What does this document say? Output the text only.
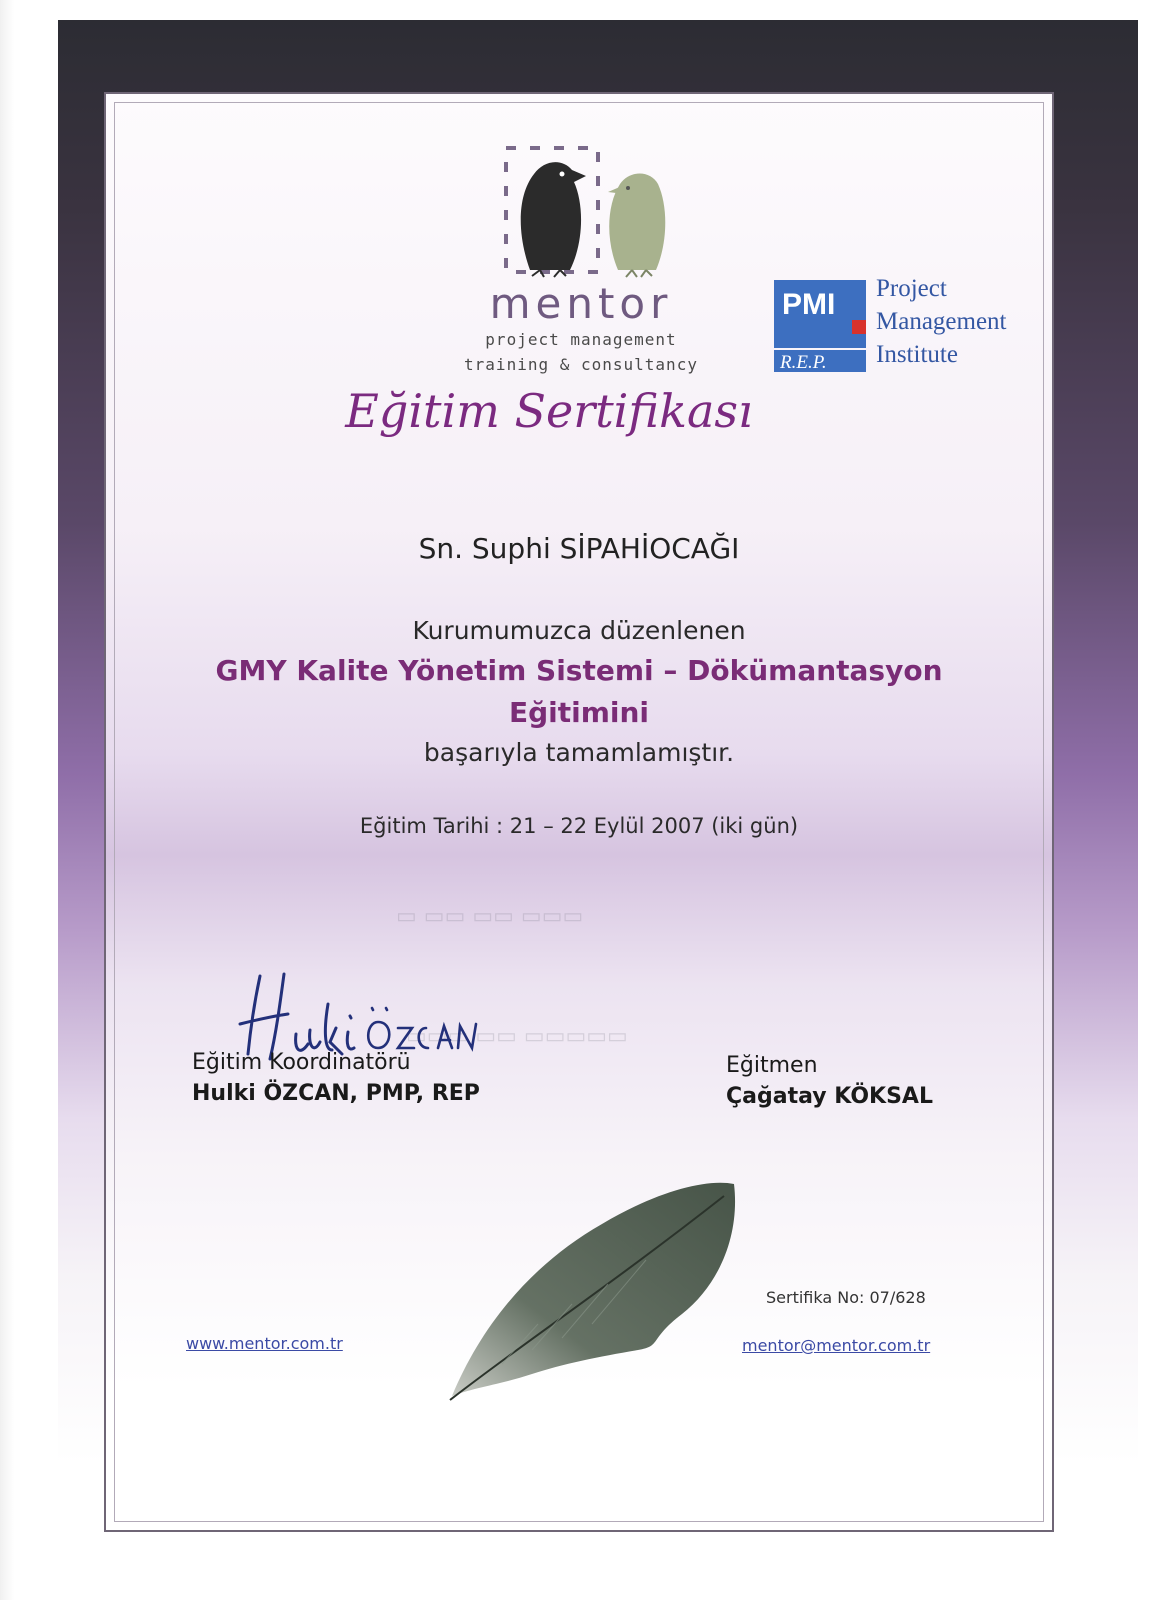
mentor
project management
training & consultancy
PMI
R.E.P.
Project
Management
Institute
Eğitim Sertifikası
Sn. Suphi SİPAHİOCAĞI
Kurumumuzca düzenlenen
GMY Kalite Yönetim Sistemi – Dökümantasyon
Eğitimini
başarıyla tamamlamıştır.
Eğitim Tarihi : 21 – 22 Eylül 2007 (iki gün)
▭ ▭▭ ▭▭ ▭▭▭
▭▭▭ ▭▭ ▭▭▭▭▭
Eğitim Koordinatörü
Hulki ÖZCAN, PMP, REP
Eğitmen
Çağatay KÖKSAL
Sertifika No: 07/628
www.mentor.com.tr	mentor@mentor.com.tr
